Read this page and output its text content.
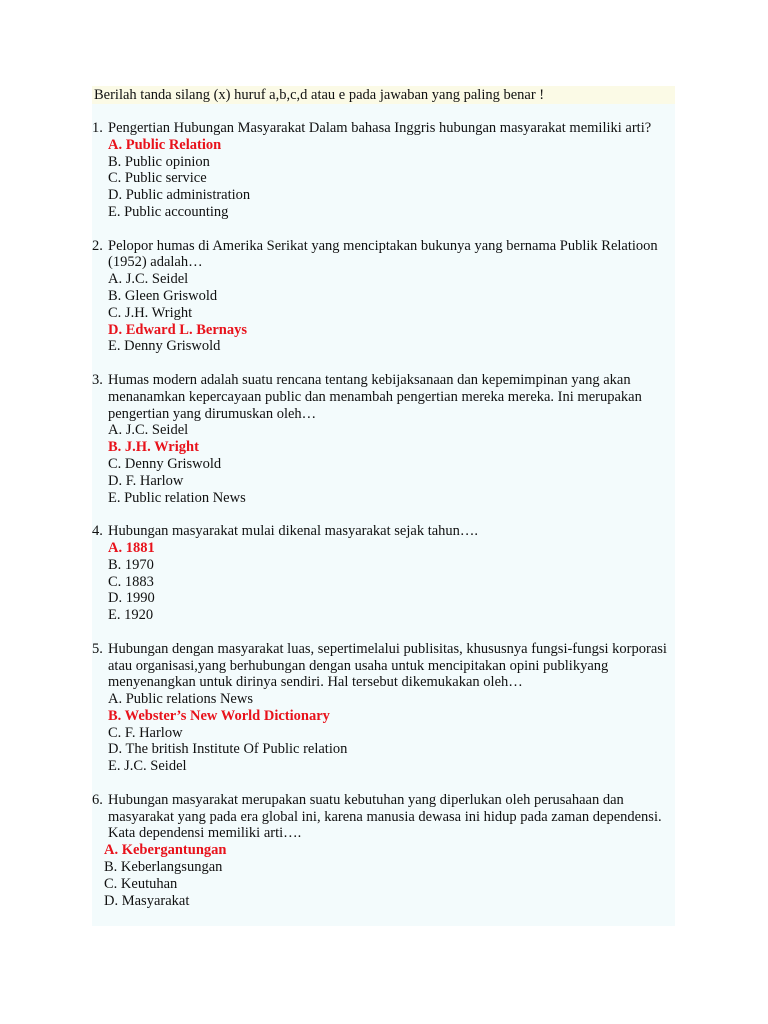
Berilah tanda silang (x) huruf a,b,c,d atau e pada jawaban yang paling benar !
1. Pengertian Hubungan Masyarakat Dalam bahasa Inggris hubungan masyarakat memiliki arti?
A. Public Relation
B. Public opinion
C. Public service
D. Public administration
E. Public accounting
2. Pelopor humas di Amerika Serikat yang menciptakan bukunya yang bernama Publik Relatioon (1952) adalah…
A. J.C. Seidel
B. Gleen Griswold
C. J.H. Wright
D. Edward L. Bernays
E. Denny Griswold
3. Humas modern adalah suatu rencana tentang kebijaksanaan dan kepemimpinan yang akan menanamkan kepercayaan public dan menambah pengertian mereka mereka. Ini merupakan pengertian yang dirumuskan oleh…
A. J.C. Seidel
B. J.H. Wright
C. Denny Griswold
D. F. Harlow
E. Public relation News
4. Hubungan masyarakat mulai dikenal masyarakat sejak tahun….
A. 1881
B. 1970
C. 1883
D. 1990
E. 1920
5. Hubungan dengan masyarakat luas, sepertimelalui publisitas, khususnya fungsi-fungsi korporasi atau organisasi,yang berhubungan dengan usaha untuk mencipitakan opini publikyang menyenangkan untuk dirinya sendiri. Hal tersebut dikemukakan oleh…
A. Public relations News
B. Webster’s New World Dictionary
C. F. Harlow
D. The british Institute Of Public relation
E. J.C. Seidel
6. Hubungan masyarakat merupakan suatu kebutuhan yang diperlukan oleh perusahaan dan masyarakat yang pada era global ini, karena manusia dewasa ini hidup pada zaman dependensi. Kata dependensi memiliki arti….
A. Kebergantungan
B. Keberlangsungan
C. Keutuhan
D. Masyarakat
